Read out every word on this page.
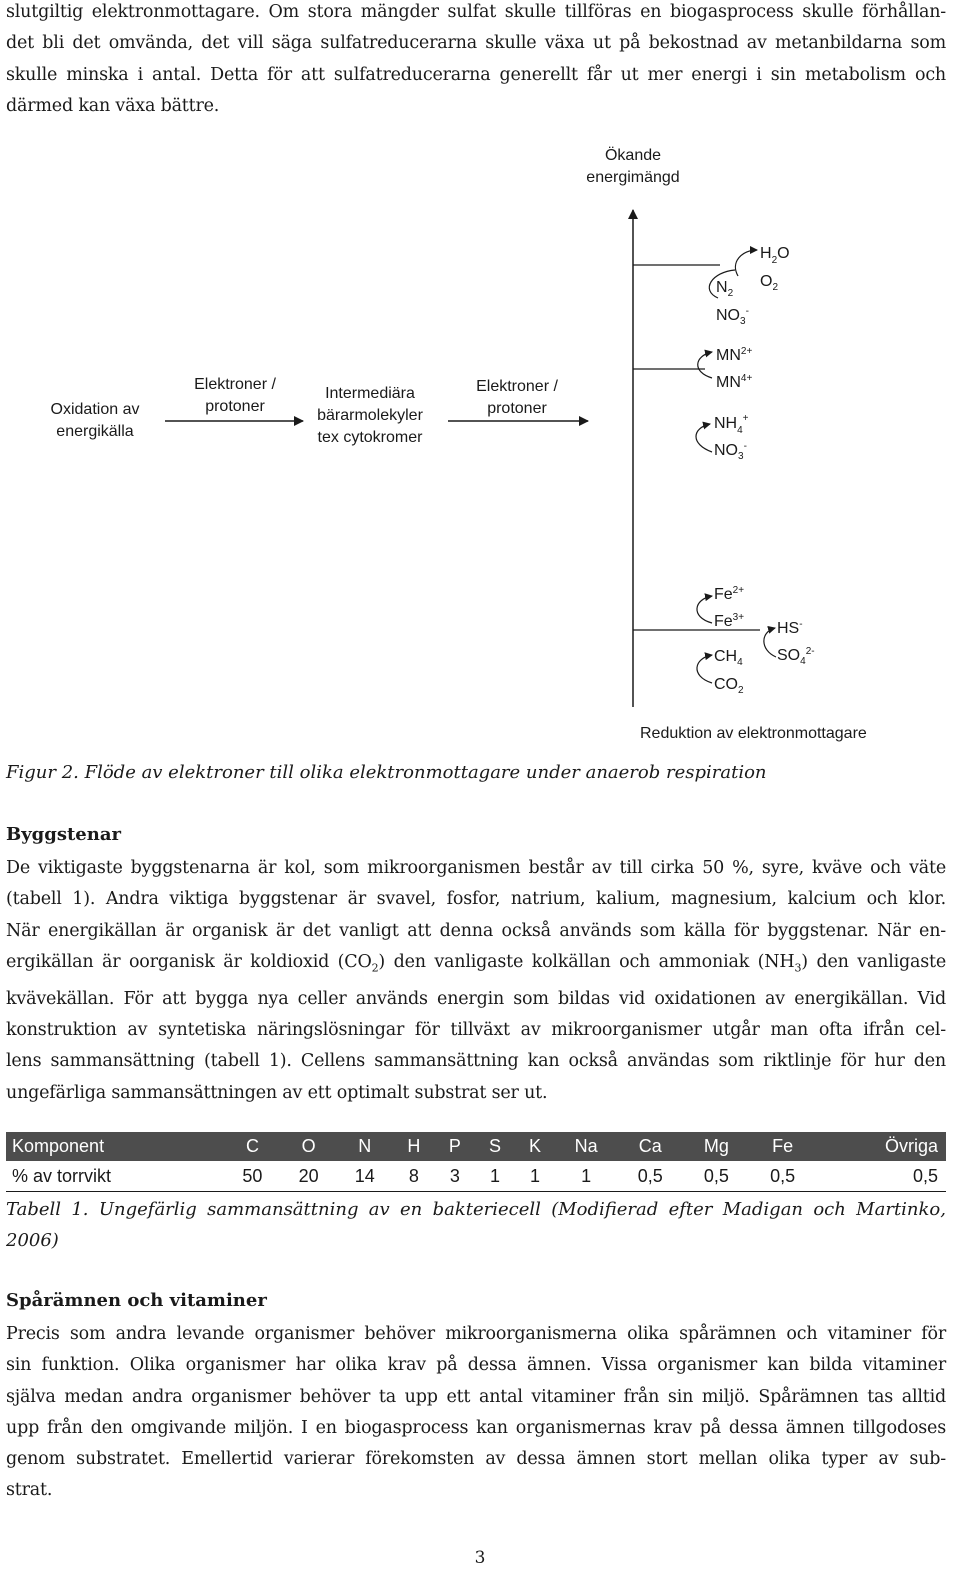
slutgiltig elektronmottagare. Om stora mängder sulfat skulle tillföras en biogasprocess skulle förhållan-
det bli det omvända, det vill säga sulfatreducerarna skulle växa ut på bekostnad av metanbildarna som
skulle minska i antal. Detta för att sulfatreducerarna generellt får ut mer energi i sin metabolism och
därmed kan växa bättre.
Ökande
energimängd
Oxidation av
energikälla
Elektroner /
protoner
Intermediära
bärarmolekyler
tex cytokromer
Elektroner /
protoner
$H_2O$
$O_2$
$N_2$
$NO_3^-$
$MN^{2+}$
$MN^{4+}$
$NH_4^+$
$NO_3^-$
$Fe^{2+}$
$Fe^{3+}$
HS-
$SO_4^{2-}$
$CH_4$
$CO_2$
Reduktion av elektronmottagare
Figur 2. Flöde av elektroner till olika elektronmottagare under anaerob respiration
Byggstenar
De viktigaste byggstenarna är kol, som mikroorganismen består av till cirka 50 %, syre, kväve och väte
(tabell 1). Andra viktiga byggstenar är svavel, fosfor, natrium, kalium, magnesium, kalcium och klor.
När energikällan är organisk är det vanligt att denna också används som källa för byggstenar. När en-
ergikällan är oorganisk är koldioxid $(CO_2)$ den vanligaste kolkällan och ammoniak $(NH_3)$ den vanligaste
kvävekällan. För att bygga nya celler används energin som bildas vid oxidationen av energikällan. Vid
konstruktion av syntetiska näringslösningar för tillväxt av mikroorganismer utgår man ofta ifrån cel-
lens sammansättning (tabell 1). Cellens sammansättning kan också användas som riktlinje för hur den
ungefärliga sammansättningen av ett optimalt substrat ser ut.
Komponent	C	O	N	H	P	S	K	Na	Ca	Mg	Fe	Övriga
% av torrvikt	50	20	14	8	3	1	1	1	0,5	0,5	0,5	0,5
Tabell 1. Ungefärlig sammansättning av en bakteriecell (Modifierad efter Madigan och Martinko,
2006)
Spårämnen och vitaminer
Precis som andra levande organismer behöver mikroorganismerna olika spårämnen och vitaminer för
sin funktion. Olika organismer har olika krav på dessa ämnen. Vissa organismer kan bilda vitaminer
själva medan andra organismer behöver ta upp ett antal vitaminer från sin miljö. Spårämnen tas alltid
upp från den omgivande miljön. I en biogasprocess kan organismernas krav på dessa ämnen tillgodoses
genom substratet. Emellertid varierar förekomsten av dessa ämnen stort mellan olika typer av sub-
strat.
3
